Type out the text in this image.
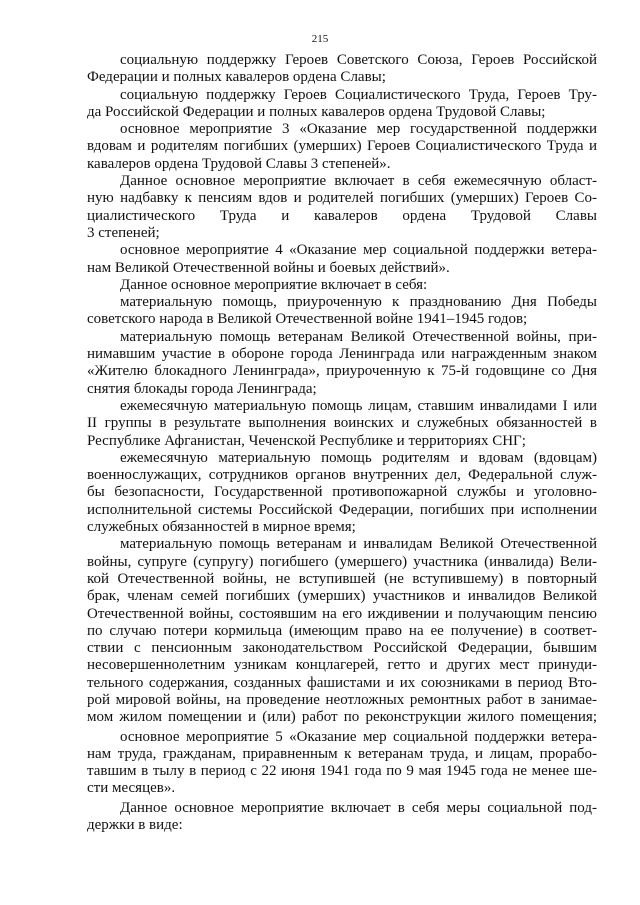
215
социальную поддержку Героев Советского Союза, Героев Российской
Федерации и полных кавалеров ордена Славы;
социальную поддержку Героев Социалистического Труда, Героев Тру-
да Российской Федерации и полных кавалеров ордена Трудовой Славы;
основное мероприятие 3 «Оказание мер государственной поддержки
вдовам и родителям погибших (умерших) Героев Социалистического Труда и
кавалеров ордена Трудовой Славы 3 степеней».
Данное основное мероприятие включает в себя ежемесячную област-
ную надбавку к пенсиям вдов и родителей погибших (умерших) Героев Со-
циалистического Труда и кавалеров ордена Трудовой Славы
3 степеней;
основное мероприятие 4 «Оказание мер социальной поддержки ветера-
нам Великой Отечественной войны и боевых действий».
Данное основное мероприятие включает в себя:
материальную помощь, приуроченную к празднованию Дня Победы
советского народа в Великой Отечественной войне 1941–1945 годов;
материальную помощь ветеранам Великой Отечественной войны, при-
нимавшим участие в обороне города Ленинграда или награжденным знаком
«Жителю блокадного Ленинграда», приуроченную к 75-й годовщине со Дня
снятия блокады города Ленинграда;
ежемесячную материальную помощь лицам, ставшим инвалидами I или
II группы в результате выполнения воинских и служебных обязанностей в
Республике Афганистан, Чеченской Республике и территориях СНГ;
ежемесячную материальную помощь родителям и вдовам (вдовцам)
военнослужащих, сотрудников органов внутренних дел, Федеральной служ-
бы безопасности, Государственной противопожарной службы и уголовно-
исполнительной системы Российской Федерации, погибших при исполнении
служебных обязанностей в мирное время;
материальную помощь ветеранам и инвалидам Великой Отечественной
войны, супруге (супругу) погибшего (умершего) участника (инвалида) Вели-
кой Отечественной войны, не вступившей (не вступившему) в повторный
брак, членам семей погибших (умерших) участников и инвалидов Великой
Отечественной войны, состоявшим на его иждивении и получающим пенсию
по случаю потери кормильца (имеющим право на ее получение) в соответ-
ствии с пенсионным законодательством Российской Федерации, бывшим
несовершеннолетним узникам концлагерей, гетто и других мест принуди-
тельного содержания, созданных фашистами и их союзниками в период Вто-
рой мировой войны, на проведение неотложных ремонтных работ в занимае-
мом жилом помещении и (или) работ по реконструкции жилого помещения;
основное мероприятие 5 «Оказание мер социальной поддержки ветера-
нам труда, гражданам, приравненным к ветеранам труда, и лицам, прорабо-
тавшим в тылу в период с 22 июня 1941 года по 9 мая 1945 года не менее ше-
сти месяцев».
Данное основное мероприятие включает в себя меры социальной под-
держки в виде:
